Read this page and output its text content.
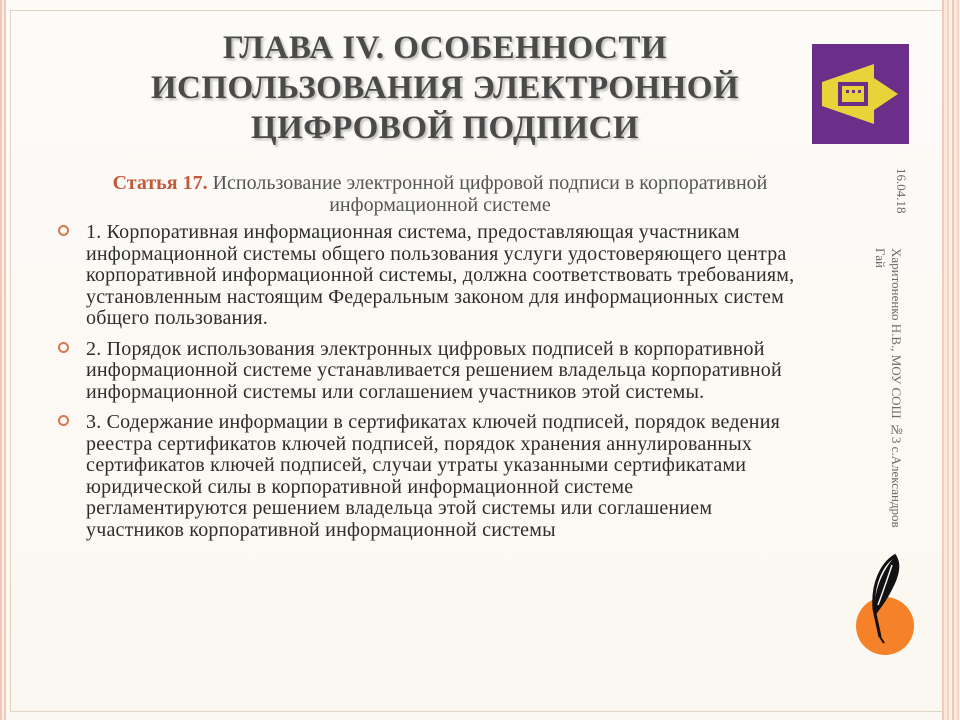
ГЛАВА IV. ОСОБЕННОСТИ ИСПОЛЬЗОВАНИЯ ЭЛЕКТРОННОЙ ЦИФРОВОЙ ПОДПИСИ
Статья 17. Использование электронной цифровой подписи в корпоративной информационной системе
1. Корпоративная информационная система, предоставляющая участникам информационной системы общего пользования услуги удостоверяющего центра корпоративной информационной системы, должна соответствовать требованиям, установленным настоящим Федеральным законом для информационных систем общего пользования.
2. Порядок использования электронных цифровых подписей в корпоративной информационной системе устанавливается решением владельца корпоративной информационной системы или соглашением участников этой системы.
3. Содержание информации в сертификатах ключей подписей, порядок ведения реестра сертификатов ключей подписей, порядок хранения аннулированных сертификатов ключей подписей, случаи утраты указанными сертификатами юридической силы в корпоративной информационной системе регламентируются решением владельца этой системы или соглашением участников корпоративной информационной системы
16.04.18
Харитоненко Н.В., МОУ СОШ №3 с.Александров Гай
